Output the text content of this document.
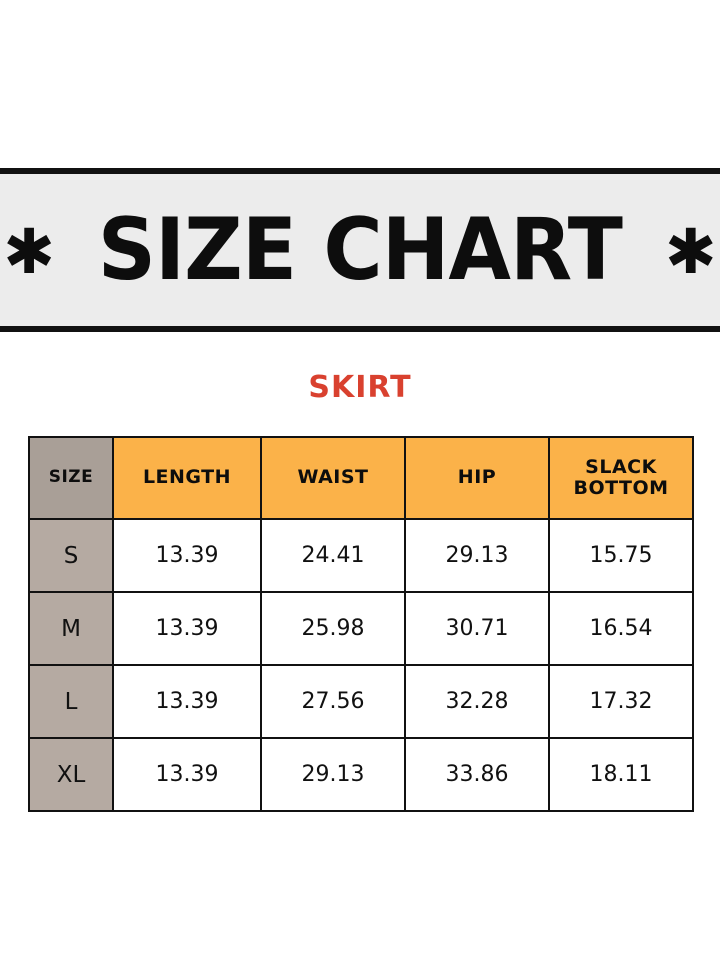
✱ SIZE CHART ✱
SKIRT
SIZE	LENGTH	WAIST	HIP	SLACK BOTTOM
S	13.39	24.41	29.13	15.75
M	13.39	25.98	30.71	16.54
L	13.39	27.56	32.28	17.32
XL	13.39	29.13	33.86	18.11
